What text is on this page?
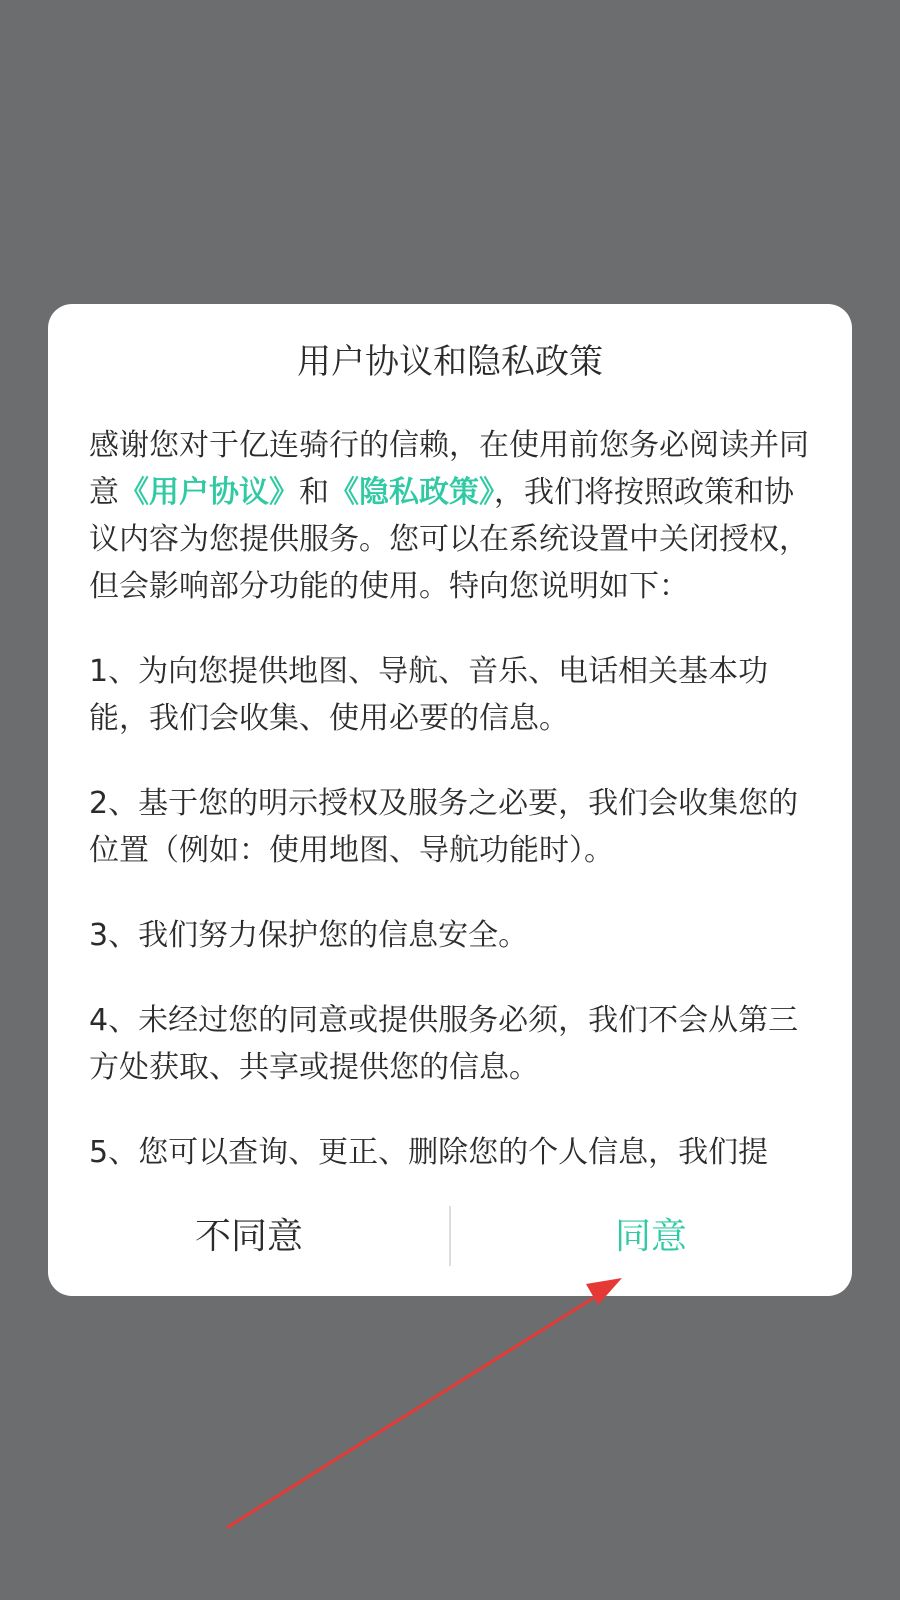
用户协议和隐私政策

感谢您对于亿连骑行的信赖，在使用前您务必阅读并同意《用户协议》和《隐私政策》，我们将按照政策和协议内容为您提供服务。您可以在系统设置中关闭授权，但会影响部分功能的使用。特向您说明如下：

1、为向您提供地图、导航、音乐、电话相关基本功能，我们会收集、使用必要的信息。

2、基于您的明示授权及服务之必要，我们会收集您的位置（例如：使用地图、导航功能时）。

3、我们努力保护您的信息安全。

4、未经过您的同意或提供服务必须，我们不会从第三方处获取、共享或提供您的信息。

5、您可以查询、更正、删除您的个人信息，我们提

不同意	同意
